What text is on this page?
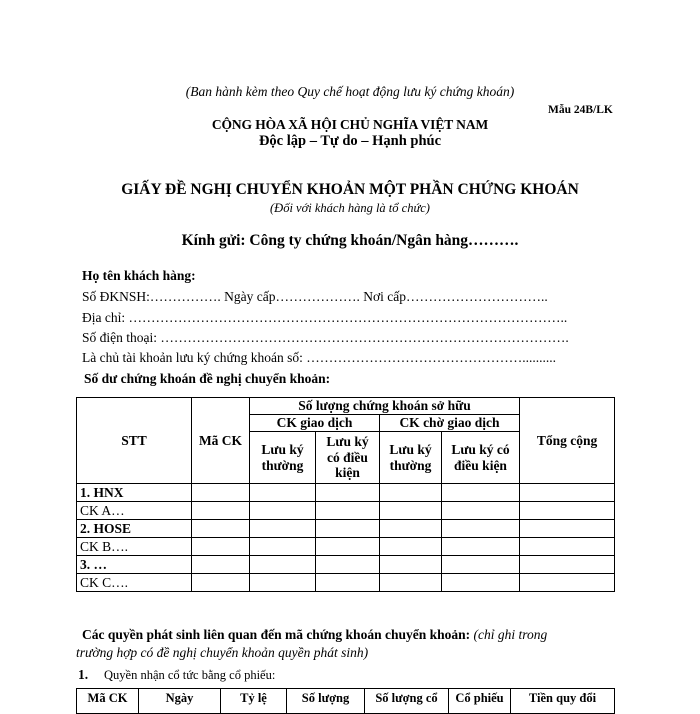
(Ban hành kèm theo Quy chế hoạt động lưu ký chứng khoán)
Mẫu 24B/LK
CỘNG HÒA XÃ HỘI CHỦ NGHĨA VIỆT NAM
Độc lập – Tự do – Hạnh phúc
GIẤY ĐỀ NGHỊ CHUYỂN KHOẢN MỘT PHẦN CHỨNG KHOÁN
(Đối với khách hàng là tổ chức)
Kính gửi: Công ty chứng khoán/Ngân hàng……….
Họ tên khách hàng:
Số ĐKNSH:……………. Ngày cấp………………. Nơi cấp…………………………..
Địa chỉ: ……………………………………………………………………………………..
Số điện thoại: ……………………………………………………………………………….
Là chủ tài khoản lưu ký chứng khoán số: …………………………………………..........
Số dư chứng khoán đề nghị chuyển khoản:
STT	Mã CK	Số lượng chứng khoán sở hữu				Tổng cộng
		CK giao dịch		CK chờ giao dịch		
		Lưu ký thường	Lưu ký có điều kiện	Lưu ký thường	Lưu ký có điều kiện	
1. HNX						
CK A…						
2. HOSE						
CK B….						
3. …						
CK C….						
Các quyền phát sinh liên quan đến mã chứng khoán chuyển khoản: (chỉ ghi trong
trường hợp có đề nghị chuyển khoản quyền phát sinh)
1. Quyền nhận cổ tức bằng cổ phiếu:
Mã CK	Ngày	Tỷ lệ	Số lượng	Số lượng cổ	Cổ phiếu	Tiền quy đổi
